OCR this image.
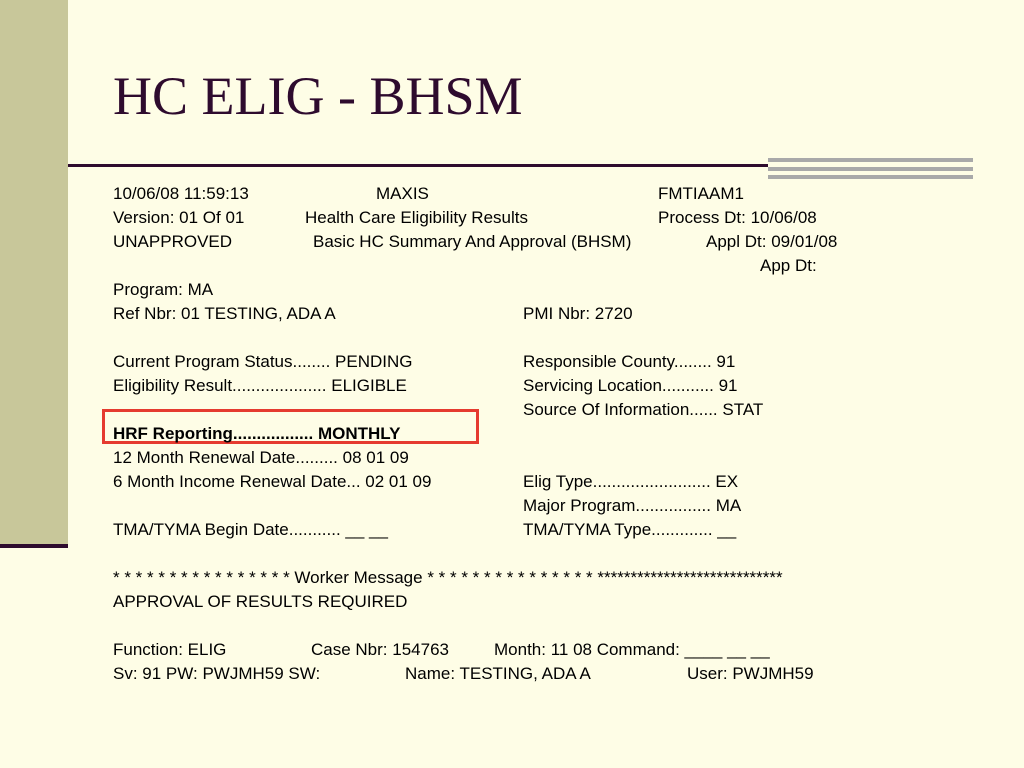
HC ELIG - BHSM
10/06/08 11:59:13	MAXIS	FMTIAAM1
Version: 01 Of 01	Health Care Eligibility Results	Process Dt: 10/06/08
UNAPPROVED	Basic HC Summary And Approval (BHSM)	Appl Dt: 09/01/08
App Dt:
Program: MA
Ref Nbr: 01 TESTING, ADA A	PMI Nbr: 2720
Current Program Status........ PENDING	Responsible County........ 91
Eligibility Result.................... ELIGIBLE	Servicing Location........... 91
Source Of Information...... STAT
HRF Reporting................. MONTHLY
12 Month Renewal Date......... 08 01 09
6 Month Income Renewal Date... 02 01 09	Elig Type......................... EX
Major Program................ MA
TMA/TYMA Begin Date........... __ __	TMA/TYMA Type............. __
* * * * * * * * * * * * * * * * Worker Message * * * * * * * * * * * * * * * ****************************
APPROVAL OF RESULTS REQUIRED
Function: ELIG	Case Nbr: 154763	Month: 11 08 Command: ____ __ __
Sv: 91 PW: PWJMH59 SW:	Name: TESTING, ADA A	User: PWJMH59
